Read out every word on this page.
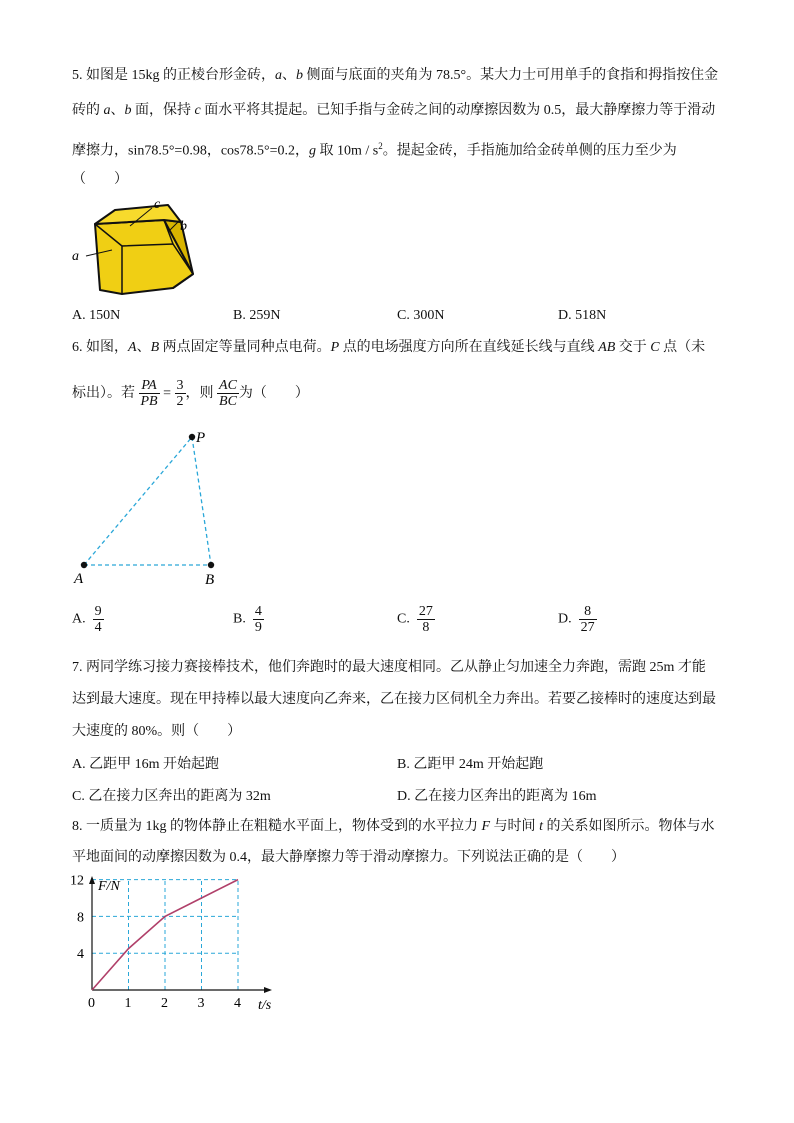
5. 如图是 15kg 的正棱台形金砖，a、b 侧面与底面的夹角为 78.5°。某大力士可用单手的食指和拇指按住金
砖的 a、b 面，保持 c 面水平将其提起。已知手指与金砖之间的动摩擦因数为 0.5，最大静摩擦力等于滑动
摩擦力，sin78.5°=0.98，cos78.5°=0.2，g 取 $10m / s^2$。提起金砖，手指施加给金砖单侧的压力至少为
（　　）
c
b
a
A. 150N	B. 259N	C. 300N	D. 518N
6. 如图，A、B 两点固定等量同种点电荷。P 点的电场强度方向所在直线延长线与直线 AB 交于 C 点（未
标出）。若 $\frac{PA}{PB} = \frac{3}{2}$ ，则 $\frac{AC}{BC}$ 为（　　）
P
A	B
A. $\frac{9}{4}$	B. $\frac{4}{9}$	C. $\frac{27}{8}$	D. $\frac{8}{27}$
7. 两同学练习接力赛接棒技术，他们奔跑时的最大速度相同。乙从静止匀加速全力奔跑，需跑 25m 才能
达到最大速度。现在甲持棒以最大速度向乙奔来，乙在接力区伺机全力奔出。若要乙接棒时的速度达到最
大速度的 80%。则（　　）
A. 乙距甲 16m 开始起跑	B. 乙距甲 24m 开始起跑
C. 乙在接力区奔出的距离为 32m	D. 乙在接力区奔出的距离为 16m
8. 一质量为 1kg 的物体静止在粗糙水平面上，物体受到的水平拉力 F 与时间 t 的关系如图所示。物体与水
平地面间的动摩擦因数为 0.4，最大静摩擦力等于滑动摩擦力。下列说法正确的是（　　）
0 1 2 3 4
4
8
12 F/N
t/s
